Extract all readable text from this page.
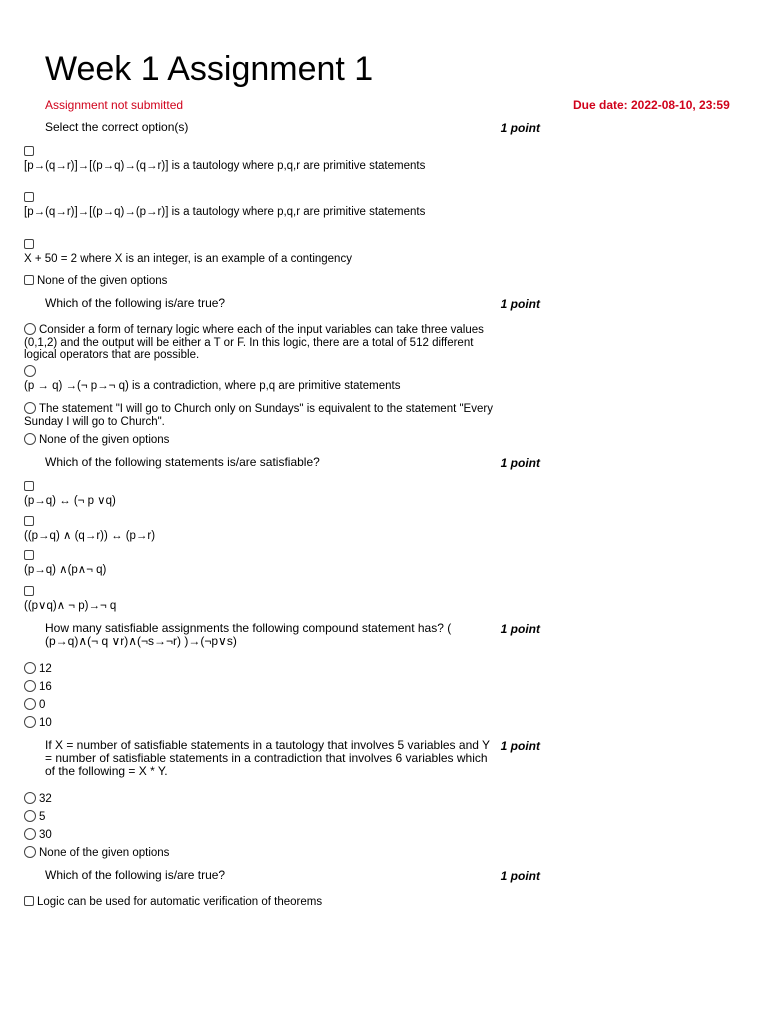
Week 1 Assignment 1
Assignment not submitted	Due date: 2022-08-10, 23:59
Select the correct option(s)	1 point
[p→(q→r)]→[(p→q)→(q→r)] is a tautology where p,q,r are primitive statements
[p→(q→r)]→[(p→q)→(p→r)] is a tautology where p,q,r are primitive statements
X + 50 = 2 where X is an integer, is an example of a contingency
None of the given options
Which of the following is/are true?	1 point
Consider a form of ternary logic where each of the input variables can take three values (0,1,2) and the output will be either a T or F. In this logic, there are a total of 512 different logical operators that are possible.
(p → q) →(¬ p→¬ q) is a contradiction, where p,q are primitive statements
The statement "I will go to Church only on Sundays" is equivalent to the statement "Every Sunday I will go to Church".
None of the given options
Which of the following statements is/are satisfiable?	1 point
(p→q) ↔ (¬ p ∨q)
((p→q) ∧ (q→r)) ↔ (p→r)
(p→q) ∧(p∧¬ q)
((p∨q)∧ ¬ p)→¬ q
How many satisfiable assignments the following compound statement has? ( (p→q)∧(¬ q ∨r)∧(¬s→¬r) )→(¬p∨s)
1 point
12
16
0
10
If X = number of satisfiable statements in a tautology that involves 5 variables and Y = number of satisfiable statements in a contradiction that involves 6 variables which of the following = X * Y.
1 point
32
5
30
None of the given options
Which of the following is/are true?	1 point
Logic can be used for automatic verification of theorems
